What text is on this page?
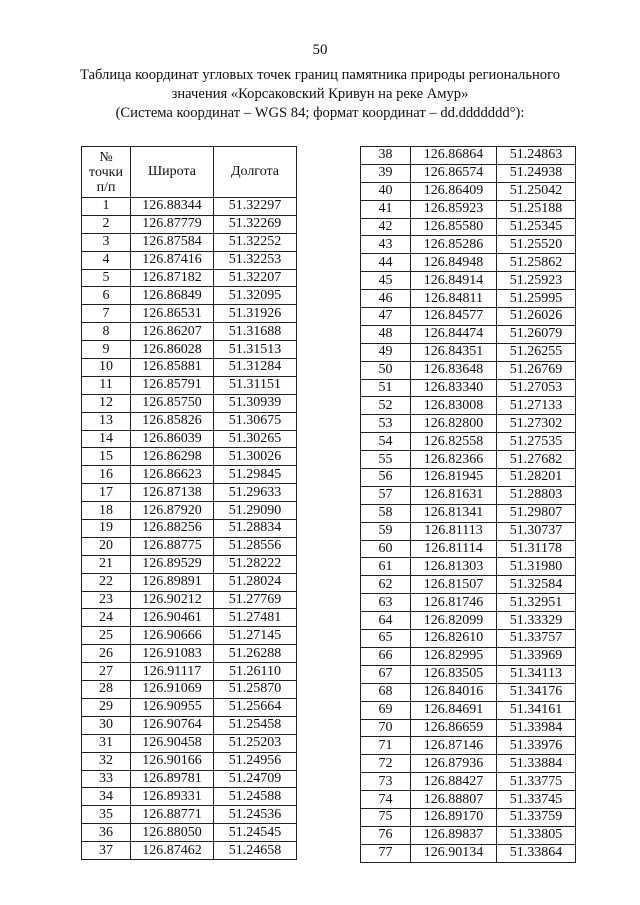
50
Таблица координат угловых точек границ памятника природы регионального
значения «Корсаковский Кривун на реке Амур»
(Система координат – WGS 84; формат координат – dd.ddddddd°):
№
точки
п/п	Широта	Долгота
1	126.88344	51.32297
2	126.87779	51.32269
3	126.87584	51.32252
4	126.87416	51.32253
5	126.87182	51.32207
6	126.86849	51.32095
7	126.86531	51.31926
8	126.86207	51.31688
9	126.86028	51.31513
10	126.85881	51.31284
11	126.85791	51.31151
12	126.85750	51.30939
13	126.85826	51.30675
14	126.86039	51.30265
15	126.86298	51.30026
16	126.86623	51.29845
17	126.87138	51.29633
18	126.87920	51.29090
19	126.88256	51.28834
20	126.88775	51.28556
21	126.89529	51.28222
22	126.89891	51.28024
23	126.90212	51.27769
24	126.90461	51.27481
25	126.90666	51.27145
26	126.91083	51.26288
27	126.91117	51.26110
28	126.91069	51.25870
29	126.90955	51.25664
30	126.90764	51.25458
31	126.90458	51.25203
32	126.90166	51.24956
33	126.89781	51.24709
34	126.89331	51.24588
35	126.88771	51.24536
36	126.88050	51.24545
37	126.87462	51.24658
38	126.86864	51.24863
39	126.86574	51.24938
40	126.86409	51.25042
41	126.85923	51.25188
42	126.85580	51.25345
43	126.85286	51.25520
44	126.84948	51.25862
45	126.84914	51.25923
46	126.84811	51.25995
47	126.84577	51.26026
48	126.84474	51.26079
49	126.84351	51.26255
50	126.83648	51.26769
51	126.83340	51.27053
52	126.83008	51.27133
53	126.82800	51.27302
54	126.82558	51.27535
55	126.82366	51.27682
56	126.81945	51.28201
57	126.81631	51.28803
58	126.81341	51.29807
59	126.81113	51.30737
60	126.81114	51.31178
61	126.81303	51.31980
62	126.81507	51.32584
63	126.81746	51.32951
64	126.82099	51.33329
65	126.82610	51.33757
66	126.82995	51.33969
67	126.83505	51.34113
68	126.84016	51.34176
69	126.84691	51.34161
70	126.86659	51.33984
71	126.87146	51.33976
72	126.87936	51.33884
73	126.88427	51.33775
74	126.88807	51.33745
75	126.89170	51.33759
76	126.89837	51.33805
77	126.90134	51.33864
